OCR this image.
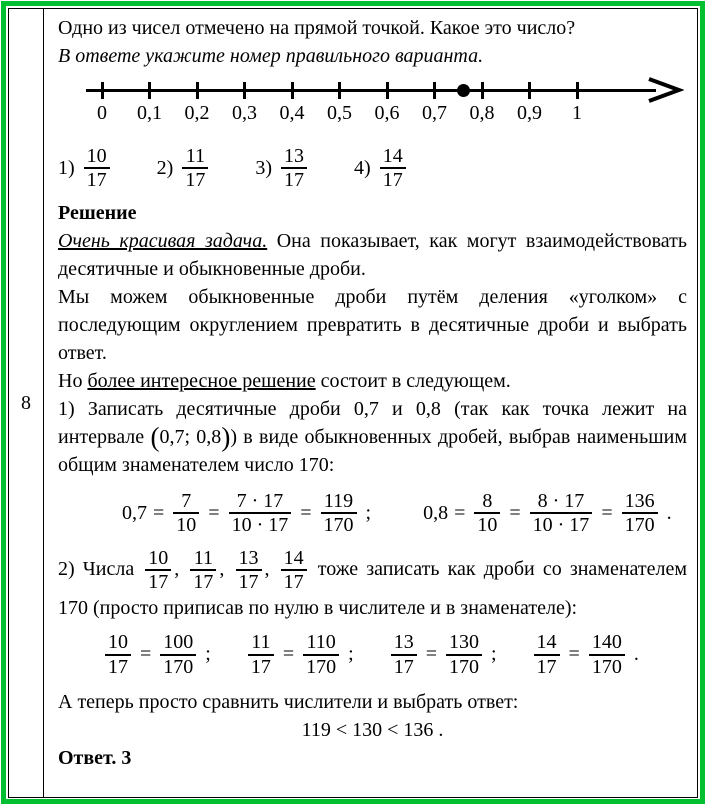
8

Одно из чисел отмечено на прямой точкой. Какое это число?

В ответе укажите номер правильного варианта.

0	0,1	0,2	0,3	0,4	0,5	0,6	0,7	0,8	0,9	1
$1) \frac{10}{17} 2) \frac{11}{17} 3) \frac{13}{17} 4) \frac{14}{17}$

Решение

Очень красивая задача. Она показывает, как могут взаимодействовать десятичные и обыкновенные дроби.

Мы можем обыкновенные дроби путём деления «уголком» с последующим округлением превратить в десятичные дроби и выбрать ответ.

Но более интересное решение состоит в следующем.

1) Записать десятичные дроби 0,7 и 0,8 (так как точка лежит на интервале (0,7; 0,8)) в виде обыкновенных дробей, выбрав наименьшим общим знаменателем число 170:

$0,7 = \frac{7}{10} = \frac{7 \cdot 17}{10 \cdot 17} = \frac{119}{170}$ ;	$0,8 = \frac{8}{10} = \frac{8 \cdot 17}{10 \cdot 17} = \frac{136}{170}$ .

2) Числа $\frac{10}{17}$ , $\frac{11}{17}$ , $\frac{13}{17}$ , $\frac{14}{17}$ тоже записать как дроби со знаменателем 170 (просто приписав по нулю в числителе и в знаменателе):

$\frac{10}{17} = \frac{100}{170}$ ; $\frac{11}{17} = \frac{110}{170}$ ; $\frac{13}{17} = \frac{130}{170}$ ; $\frac{14}{17} = \frac{140}{170}$ .

А теперь просто сравнить числители и выбрать ответ:

119 < 130 < 136 .

Ответ. 3
